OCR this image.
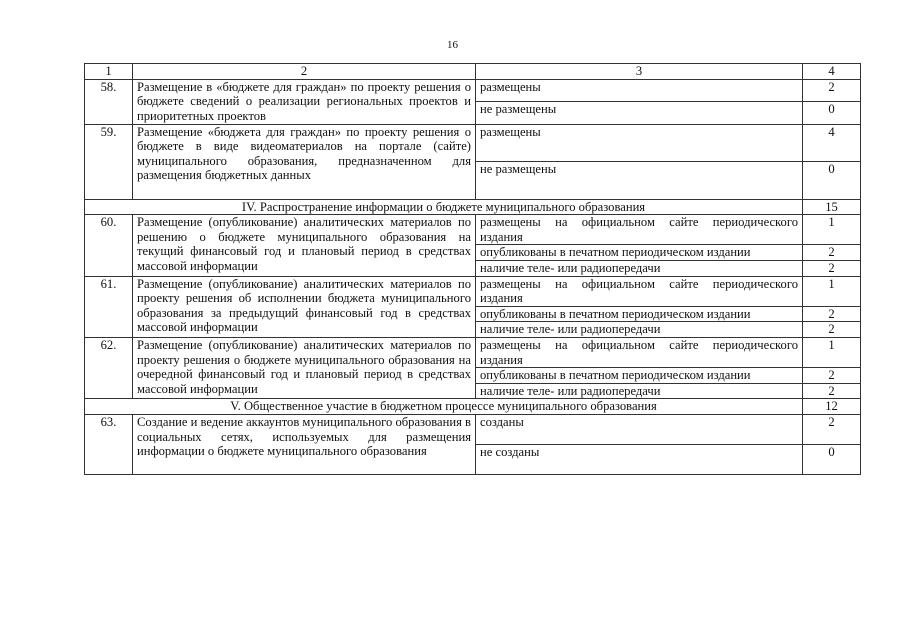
16
1	2	3	4
58.	Размещение в «бюджете для граждан» по проекту решения о бюджете сведений о реализации региональных проектов и приоритетных проектов	размещены	2
		не размещены	0
59.	Размещение «бюджета для граждан» по проекту решения о бюджете в виде видеоматериалов на портале (сайте) муниципального образования, предназначенном для размещения бюджетных данных	размещены	4
		не размещены	0
IV. Распространение информации о бюджете муниципального образования			15
60.	Размещение (опубликование) аналитических материалов по решению о бюджете муниципального образования на текущий финансовый год и плановый период в средствах массовой информации	размещены на официальном сайте периодического издания	1
		опубликованы в печатном периодическом издании	2
		наличие теле- или радиопередачи	2
61.	Размещение (опубликование) аналитических материалов по проекту решения об исполнении бюджета муниципального образования за предыдущий финансовый год в средствах массовой информации	размещены на официальном сайте периодического издания	1
		опубликованы в печатном периодическом издании	2
		наличие теле- или радиопередачи	2
62.	Размещение (опубликование) аналитических материалов по проекту решения о бюджете муниципального образования на очередной финансовый год и плановый период в средствах массовой информации	размещены на официальном сайте периодического издания	1
		опубликованы в печатном периодическом издании	2
		наличие теле- или радиопередачи	2
V. Общественное участие в бюджетном процессе муниципального образования			12
63.	Создание и ведение аккаунтов муниципального образования в социальных сетях, используемых для размещения информации о бюджете муниципального образования	созданы	2
		не созданы	0
